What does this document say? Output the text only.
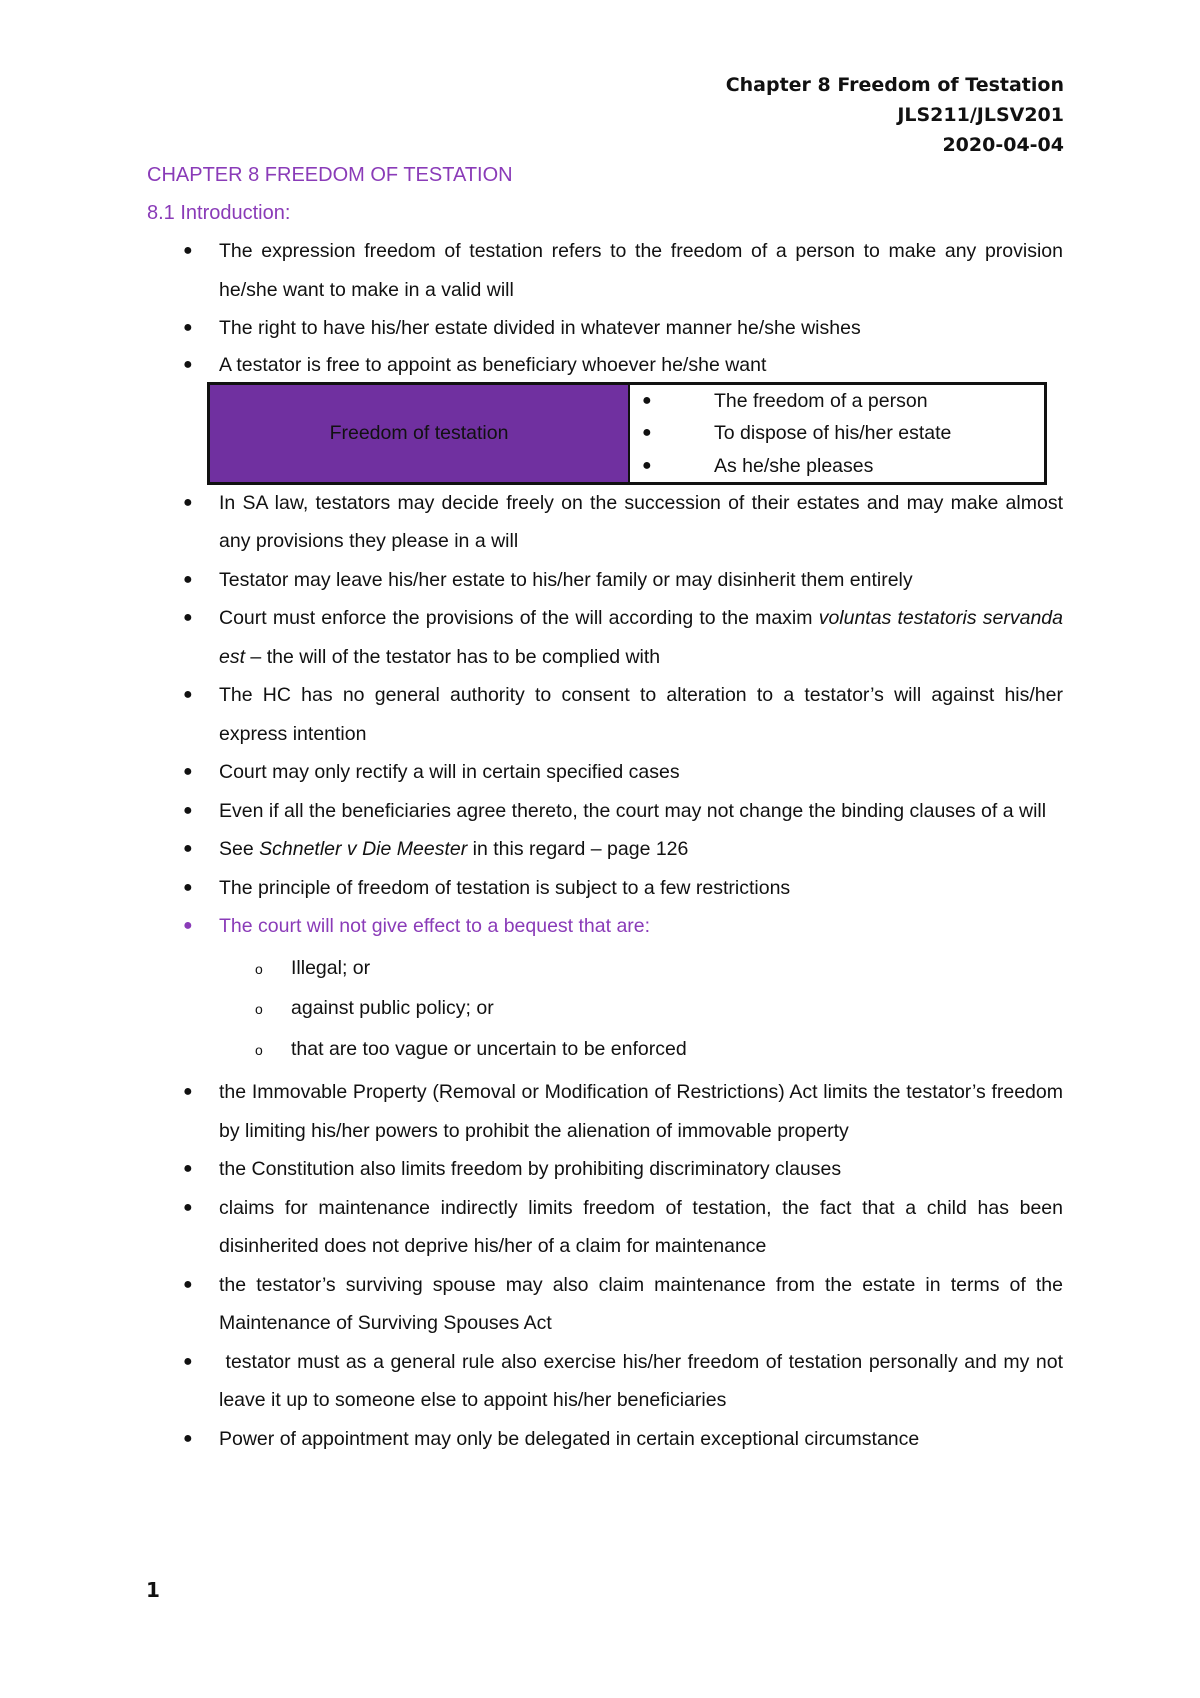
Chapter 8 Freedom of Testation
JLS211/JLSV201
2020-04-04
CHAPTER 8 FREEDOM OF TESTATION
8.1 Introduction:
● The expression freedom of testation refers to the freedom of a person to make any provision he/she want to make in a valid will
● The right to have his/her estate divided in whatever manner he/she wishes
● A testator is free to appoint as beneficiary whoever he/she want
Freedom of testation
●	The freedom of a person
●	To dispose of his/her estate
●	As he/she pleases
● In SA law, testators may decide freely on the succession of their estates and may make almost any provisions they please in a will
● Testator may leave his/her estate to his/her family or may disinherit them entirely
● Court must enforce the provisions of the will according to the maxim voluntas testatoris servanda est – the will of the testator has to be complied with
● The HC has no general authority to consent to alteration to a testator’s will against his/her express intention
● Court may only rectify a will in certain specified cases
● Even if all the beneficiaries agree thereto, the court may not change the binding clauses of a will
● See Schnetler v Die Meester in this regard – page 126
● The principle of freedom of testation is subject to a few restrictions
● The court will not give effect to a bequest that are:
o Illegal; or
o against public policy; or
o that are too vague or uncertain to be enforced
● the Immovable Property (Removal or Modification of Restrictions) Act limits the testator’s freedom by limiting his/her powers to prohibit the alienation of immovable property
● the Constitution also limits freedom by prohibiting discriminatory clauses
● claims for maintenance indirectly limits freedom of testation, the fact that a child has been disinherited does not deprive his/her of a claim for maintenance
● the testator’s surviving spouse may also claim maintenance from the estate in terms of the Maintenance of Surviving Spouses Act
● testator must as a general rule also exercise his/her freedom of testation personally and my not leave it up to someone else to appoint his/her beneficiaries
● Power of appointment may only be delegated in certain exceptional circumstance
1
